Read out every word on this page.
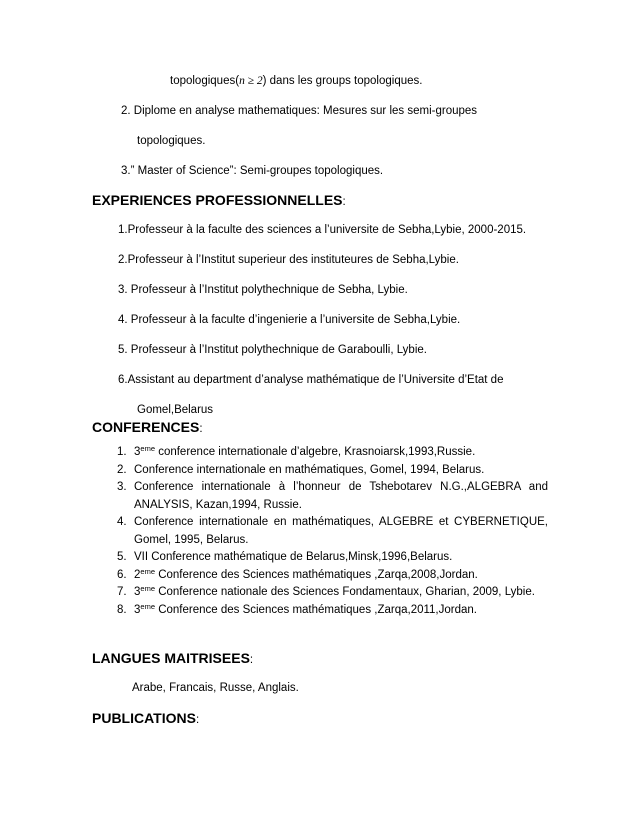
topologiques(n ≥ 2) dans les groups topologiques.
2. Diplome en analyse mathematiques: Mesures sur les semi-groupes
topologiques.
3.” Master of Science”: Semi-groupes topologiques.
EXPERIENCES PROFESSIONNELLES:
1.Professeur à la faculte des sciences a l’universite de Sebha,Lybie, 2000-2015.
2.Professeur à l’Institut superieur des instituteures de Sebha,Lybie.
3. Professeur à l’Institut polythechnique de Sebha, Lybie.
4. Professeur à la faculte d’ingenierie a l’universite de Sebha,Lybie.
5. Professeur à l’Institut polythechnique de Garaboulli, Lybie.
6.Assistant au department d’analyse mathématique de l’Universite d’Etat de
Gomel,Belarus
CONFERENCES:
1. 3eme conference internationale d’algebre, Krasnoiarsk,1993,Russie.
2. Conference internationale en mathématiques, Gomel, 1994, Belarus.
3. Conference internationale à l’honneur de Tshebotarev N.G.,ALGEBRA and ANALYSIS, Kazan,1994, Russie.
4. Conference internationale en mathématiques, ALGEBRE et CYBERNETIQUE, Gomel, 1995, Belarus.
5. VII Conference mathématique de Belarus,Minsk,1996,Belarus.
6. 2eme Conference des Sciences mathématiques ,Zarqa,2008,Jordan.
7. 3eme Conference nationale des Sciences Fondamentaux, Gharian, 2009, Lybie.
8. 3eme Conference des Sciences mathématiques ,Zarqa,2011,Jordan.
LANGUES MAITRISEES:
Arabe, Francais, Russe, Anglais.
PUBLICATIONS:
